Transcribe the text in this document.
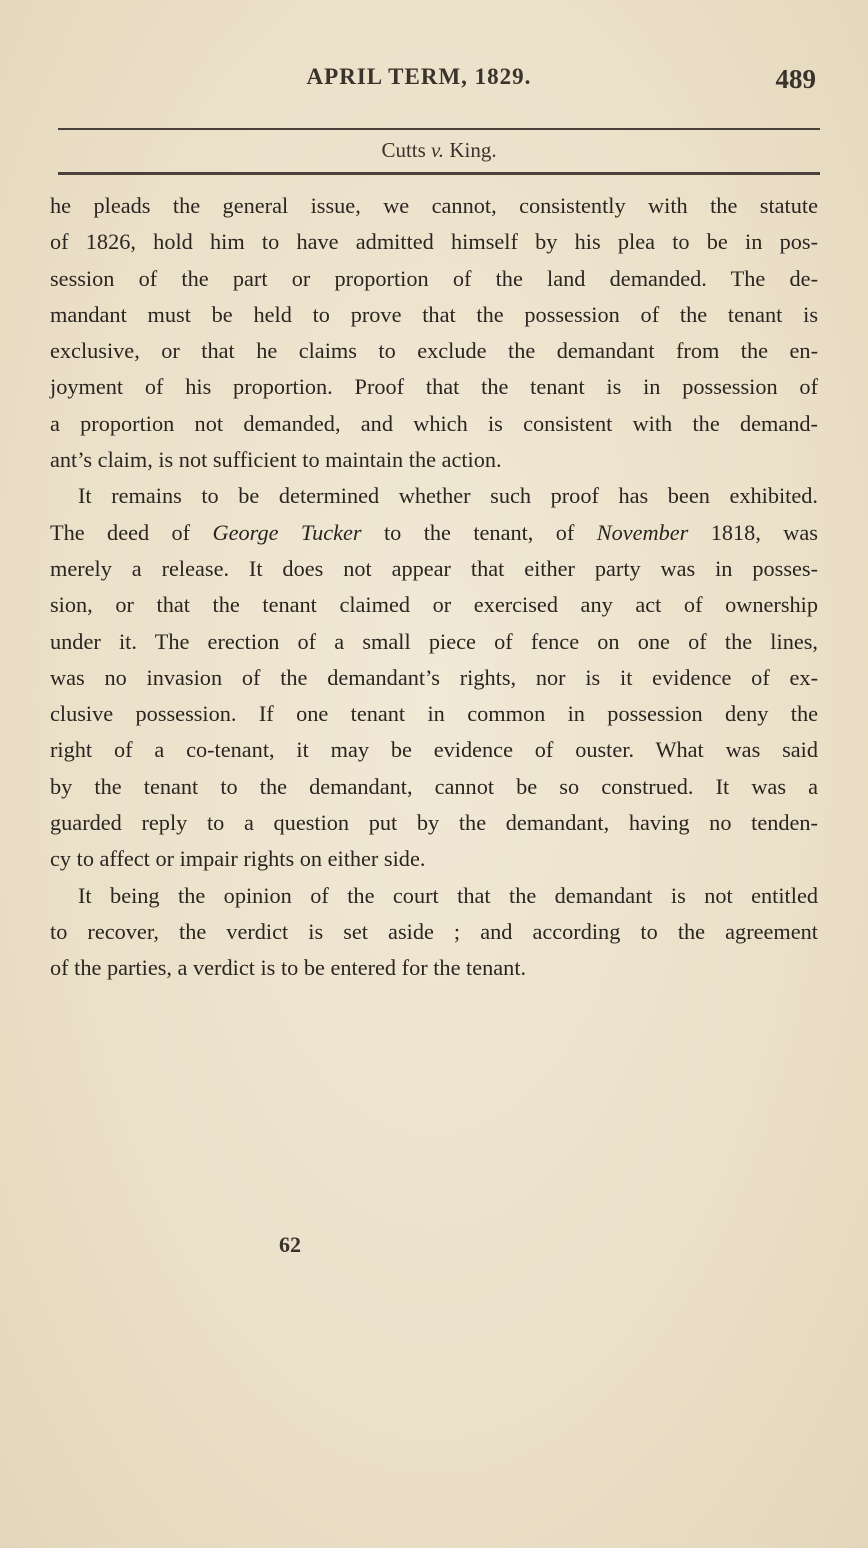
APRIL TERM, 1829.	489
Cutts v. King.
he pleads the general issue, we cannot, consistently with the statute
of 1826, hold him to have admitted himself by his plea to be in pos-
session of the part or proportion of the land demanded. The de-
mandant must be held to prove that the possession of the tenant is
exclusive, or that he claims to exclude the demandant from the en-
joyment of his proportion. Proof that the tenant is in possession of
a proportion not demanded, and which is consistent with the demand-
ant’s claim, is not sufficient to maintain the action.
It remains to be determined whether such proof has been exhibited.
The deed of George Tucker to the tenant, of November 1818, was
merely a release. It does not appear that either party was in posses-
sion, or that the tenant claimed or exercised any act of ownership
under it. The erection of a small piece of fence on one of the lines,
was no invasion of the demandant’s rights, nor is it evidence of ex-
clusive possession. If one tenant in common in possession deny the
right of a co-tenant, it may be evidence of ouster. What was said
by the tenant to the demandant, cannot be so construed. It was a
guarded reply to a question put by the demandant, having no tenden-
cy to affect or impair rights on either side.
It being the opinion of the court that the demandant is not entitled
to recover, the verdict is set aside ; and according to the agreement
of the parties, a verdict is to be entered for the tenant.
62
